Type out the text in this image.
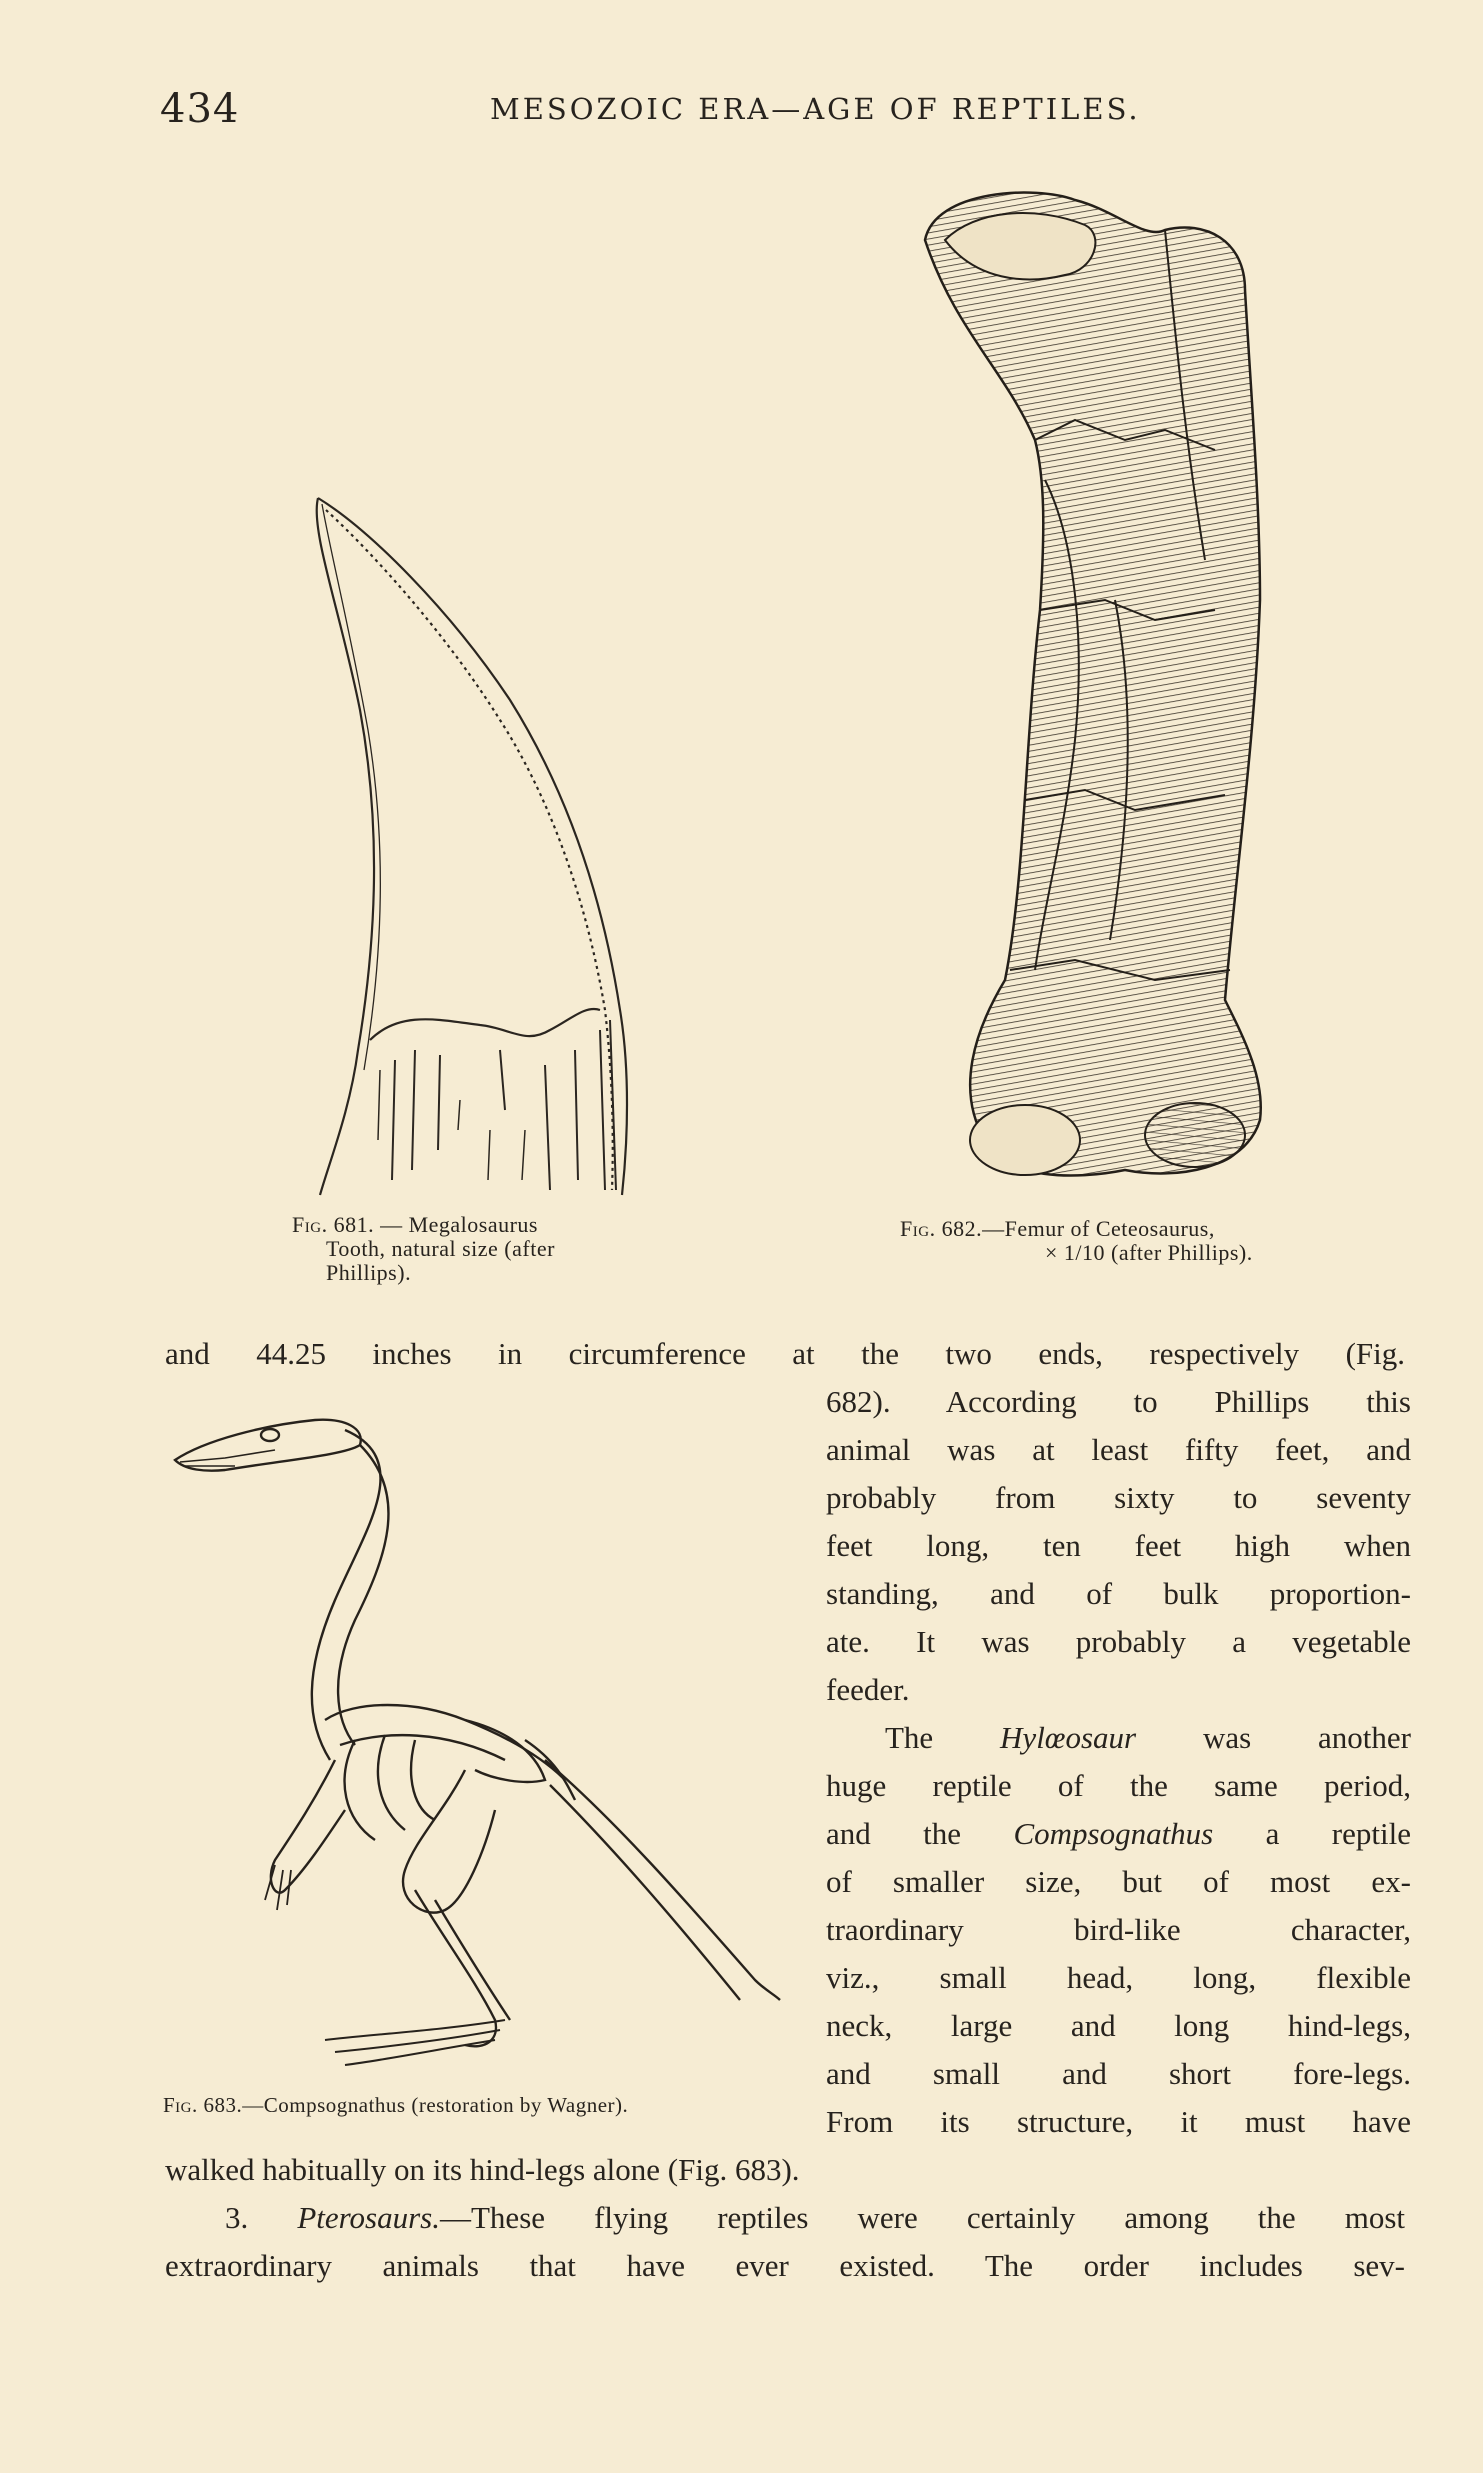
434	MESOZOIC ERA—AGE OF REPTILES.
Fig. 681. — Megalosaurus
Tooth, natural size (after
Phillips).
Fig. 682.—Femur of Ceteosaurus,
× 1/10 (after Phillips).
Fig. 683.—Compsognathus (restoration by Wagner).
and 44.25 inches in circumference at the two ends, respectively (Fig.
682). According to Phillips this
animal was at least fifty feet, and
probably from sixty to seventy
feet long, ten feet high when
standing, and of bulk proportion-
ate. It was probably a vegetable
feeder.
The Hylœosaur was another
huge reptile of the same period,
and the Compsognathus a reptile
of smaller size, but of most ex-
traordinary bird-like character,
viz., small head, long, flexible
neck, large and long hind-legs,
and small and short fore-legs.
From its structure, it must have
walked habitually on its hind-legs alone (Fig. 683).
3. Pterosaurs.—These flying reptiles were certainly among the most
extraordinary animals that have ever existed. The order includes sev-
